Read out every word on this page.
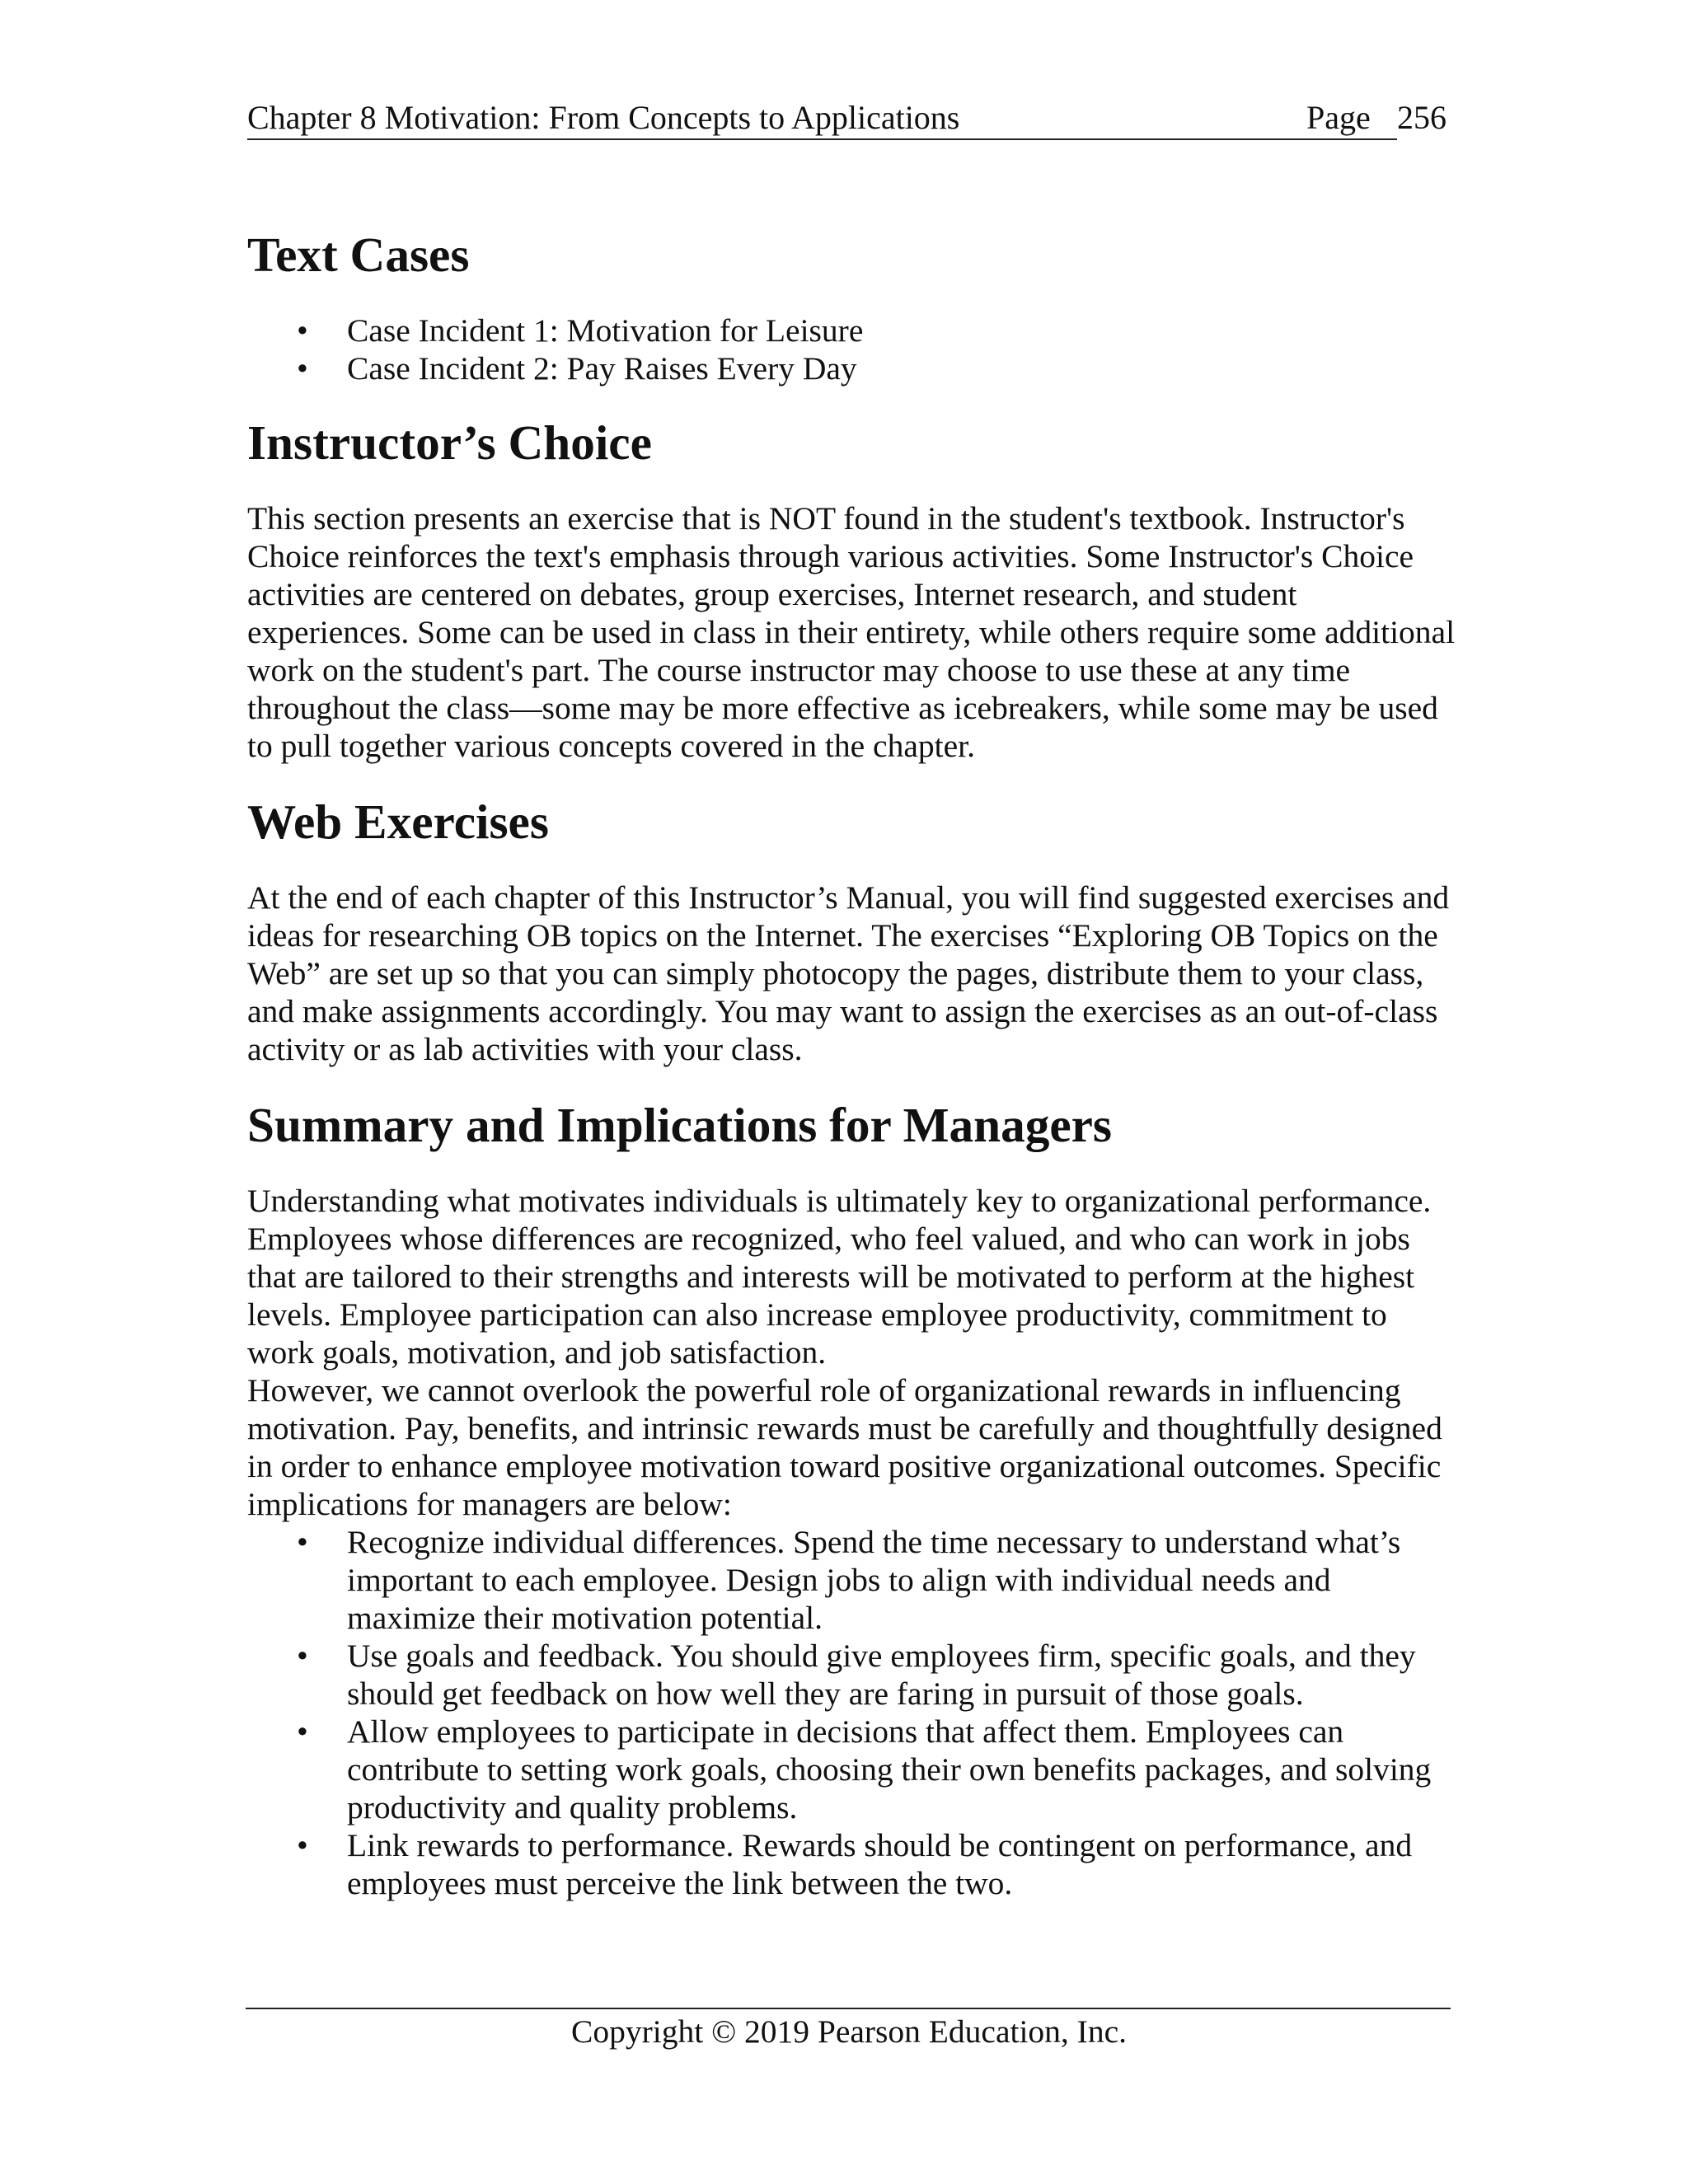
Chapter 8 Motivation: From Concepts to Applications	Page 256
Text Cases
• Case Incident 1: Motivation for Leisure
• Case Incident 2: Pay Raises Every Day
Instructor’s Choice

This section presents an exercise that is NOT found in the student's textbook. Instructor's Choice reinforces the text's emphasis through various activities. Some Instructor's Choice activities are centered on debates, group exercises, Internet research, and student experiences. Some can be used in class in their entirety, while others require some additional work on the student's part. The course instructor may choose to use these at any time throughout the class—some may be more effective as icebreakers, while some may be used to pull together various concepts covered in the chapter.

Web Exercises

At the end of each chapter of this Instructor’s Manual, you will find suggested exercises and ideas for researching OB topics on the Internet. The exercises “Exploring OB Topics on the Web” are set up so that you can simply photocopy the pages, distribute them to your class, and make assignments accordingly. You may want to assign the exercises as an out-of-class activity or as lab activities with your class.

Summary and Implications for Managers

Understanding what motivates individuals is ultimately key to organizational performance. Employees whose differences are recognized, who feel valued, and who can work in jobs that are tailored to their strengths and interests will be motivated to perform at the highest levels. Employee participation can also increase employee productivity, commitment to work goals, motivation, and job satisfaction.

However, we cannot overlook the powerful role of organizational rewards in influencing motivation. Pay, benefits, and intrinsic rewards must be carefully and thoughtfully designed in order to enhance employee motivation toward positive organizational outcomes. Specific implications for managers are below:

• Recognize individual differences. Spend the time necessary to understand what’s important to each employee. Design jobs to align with individual needs and maximize their motivation potential.
• Use goals and feedback. You should give employees firm, specific goals, and they should get feedback on how well they are faring in pursuit of those goals.
• Allow employees to participate in decisions that affect them. Employees can contribute to setting work goals, choosing their own benefits packages, and solving productivity and quality problems.
• Link rewards to performance. Rewards should be contingent on performance, and employees must perceive the link between the two.
Copyright © 2019 Pearson Education, Inc.
